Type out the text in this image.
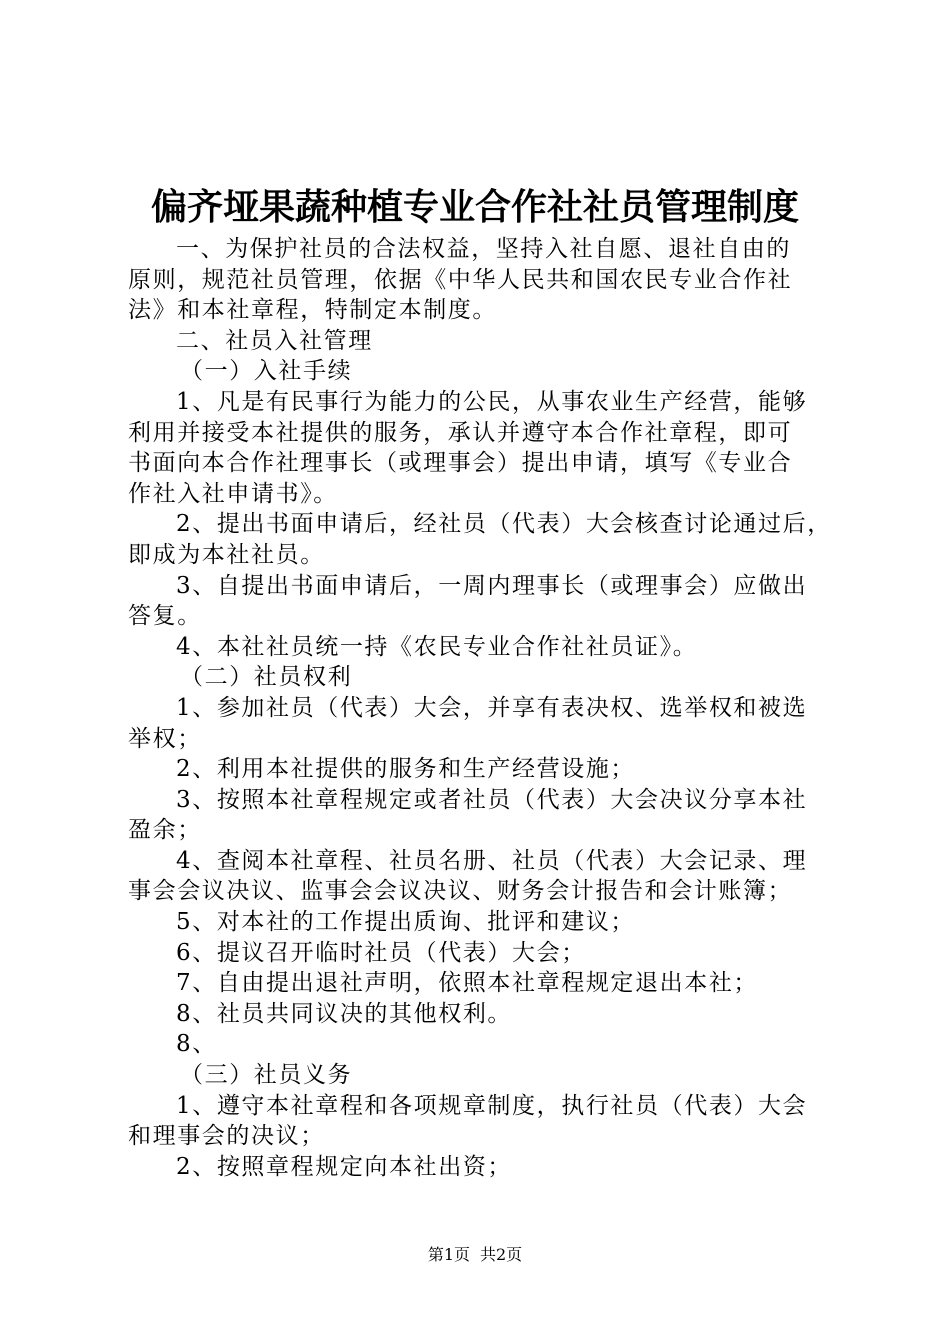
偏齐垭果蔬种植专业合作社社员管理制度
一、为保护社员的合法权益，坚持入社自愿、退社自由的
原则，规范社员管理，依据《中华人民共和国农民专业合作社
法》和本社章程，特制定本制度。
二、社员入社管理
（一）入社手续
1、凡是有民事行为能力的公民，从事农业生产经营，能够
利用并接受本社提供的服务，承认并遵守本合作社章程，即可
书面向本合作社理事长（或理事会）提出申请，填写《专业合
作社入社申请书》。
2、提出书面申请后，经社员（代表）大会核查讨论通过后，
即成为本社社员。
3、自提出书面申请后，一周内理事长（或理事会）应做出
答复。
4、本社社员统一持《农民专业合作社社员证》。
（二）社员权利
1、参加社员（代表）大会，并享有表决权、选举权和被选
举权；
2、利用本社提供的服务和生产经营设施；
3、按照本社章程规定或者社员（代表）大会决议分享本社
盈余；
4、查阅本社章程、社员名册、社员（代表）大会记录、理
事会会议决议、监事会会议决议、财务会计报告和会计账簿；
5、对本社的工作提出质询、批评和建议；
6、提议召开临时社员（代表）大会；
7、自由提出退社声明，依照本社章程规定退出本社；
8、社员共同议决的其他权利。
8、
（三）社员义务
1、遵守本社章程和各项规章制度，执行社员（代表）大会
和理事会的决议；
2、按照章程规定向本社出资；
第1页 共2页
